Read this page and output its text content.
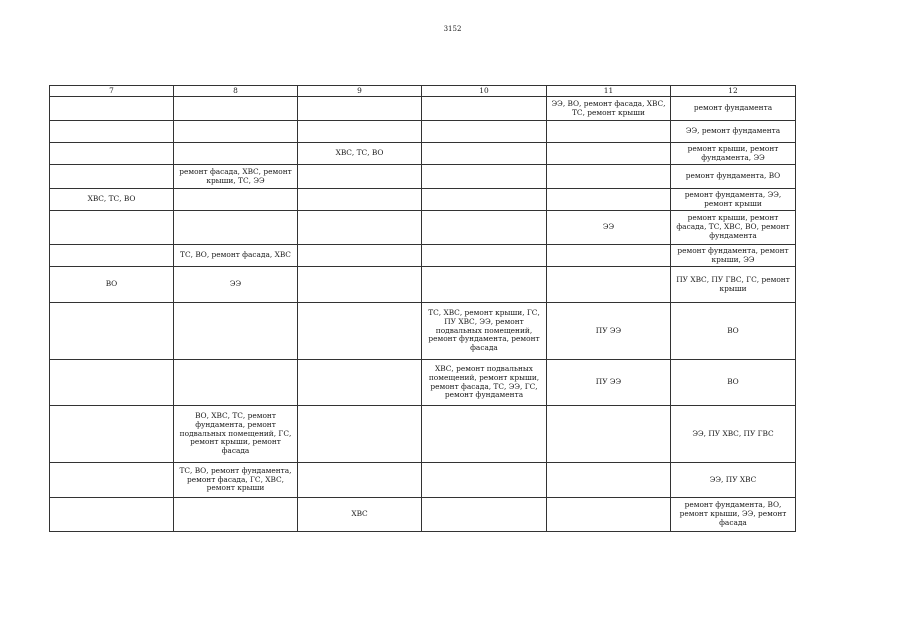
3152
7	8	9	10	11	12
				ЭЭ, ВО, ремонт фасада, ХВС, ТС, ремонт крыши	ремонт фундамента
					ЭЭ, ремонт фундамента
		ХВС, ТС, ВО			ремонт крыши, ремонт фундамента, ЭЭ
	ремонт фасада, ХВС, ремонт крыши, ТС, ЭЭ				ремонт фундамента, ВО
ХВС, ТС, ВО					ремонт фундамента, ЭЭ, ремонт крыши
				ЭЭ	ремонт крыши, ремонт фасада, ТС, ХВС, ВО, ремонт фундамента
	ТС, ВО, ремонт фасада, ХВС				ремонт фундамента, ремонт крыши, ЭЭ
ВО	ЭЭ				ПУ ХВС, ПУ ГВС, ГС, ремонт крыши
			ТС, ХВС, ремонт крыши, ГС, ПУ ХВС, ЭЭ, ремонт подвальных помещений, ремонт фундамента, ремонт фасада	ПУ ЭЭ	ВО
			ХВС, ремонт подвальных помещений, ремонт крыши, ремонт фасада, ТС, ЭЭ, ГС, ремонт фундамента	ПУ ЭЭ	ВО
	ВО, ХВС, ТС, ремонт фундамента, ремонт подвальных помещений, ГС, ремонт крыши, ремонт фасада				ЭЭ, ПУ ХВС, ПУ ГВС
	ТС, ВО, ремонт фундамента, ремонт фасада, ГС, ХВС, ремонт крыши				ЭЭ, ПУ ХВС
		ХВС			ремонт фундамента, ВО, ремонт крыши, ЭЭ, ремонт фасада
